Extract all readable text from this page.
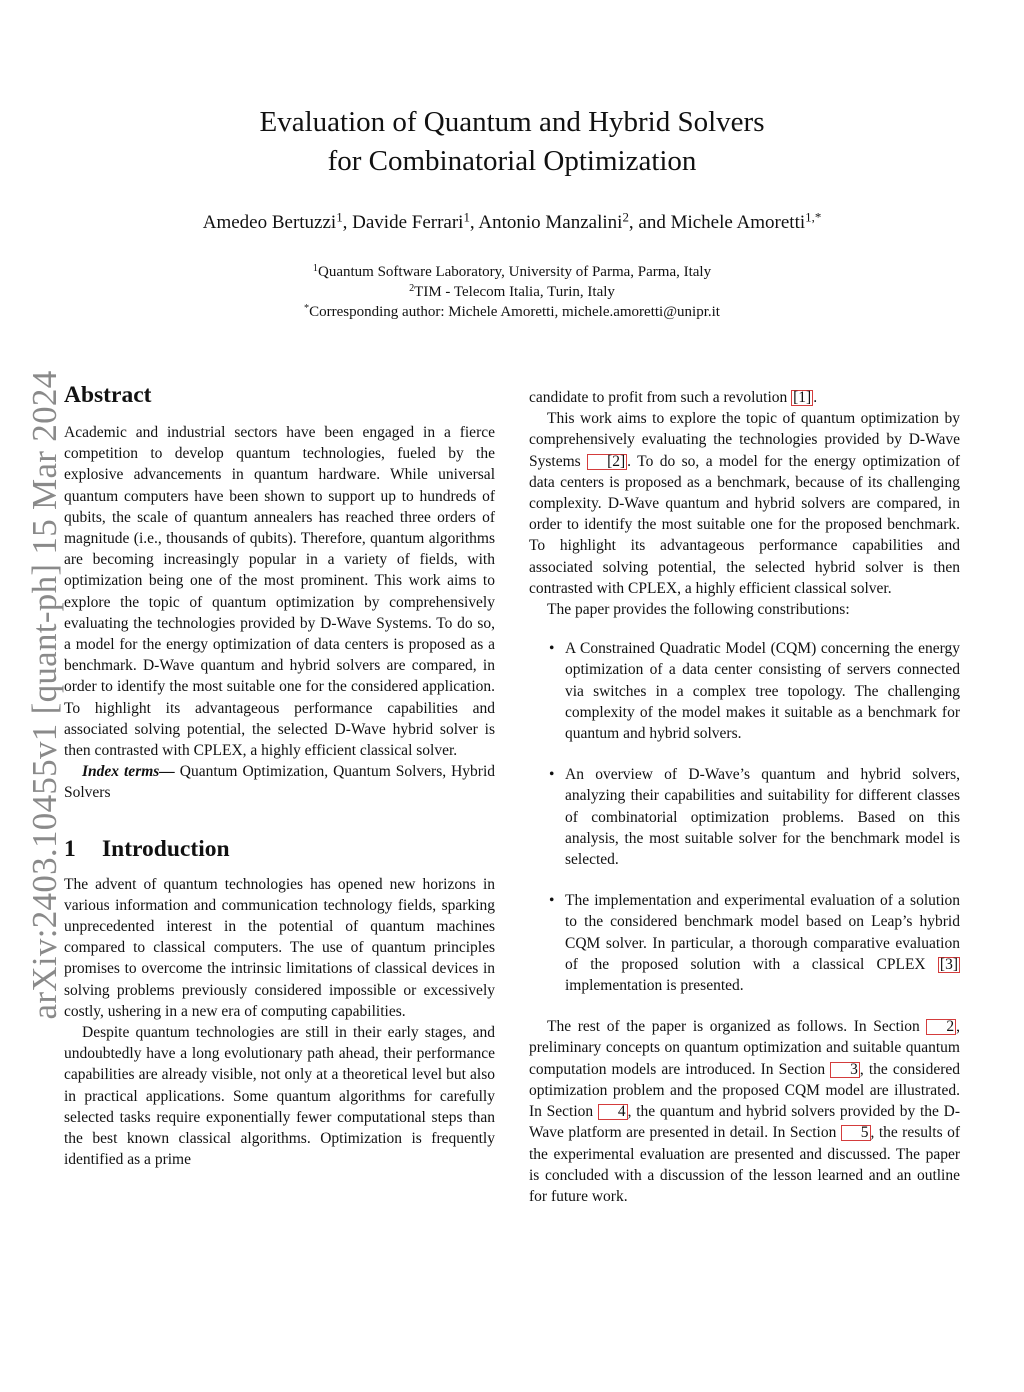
arXiv:2403.10455v1 [quant-ph] 15 Mar 2024
Evaluation of Quantum and Hybrid Solvers
for Combinatorial Optimization
Amedeo Bertuzzi$^1$, Davide Ferrari$^1$, Antonio Manzalini$^2$, and Michele Amoretti$^{1,*}$
$^1$Quantum Software Laboratory, University of Parma, Parma, Italy
$^2$TIM - Telecom Italia, Turin, Italy
*Corresponding author: Michele Amoretti, michele.amoretti@unipr.it
Abstract

Academic and industrial sectors have been engaged in a fierce competition to develop quantum technologies, fueled by the explosive advancements in quantum hardware. While universal quantum computers have been shown to support up to hundreds of qubits, the scale of quantum annealers has reached three orders of magnitude (i.e., thousands of qubits). Therefore, quantum algorithms are becoming increasingly popular in a variety of fields, with optimization being one of the most prominent. This work aims to explore the topic of quantum optimization by comprehensively evaluating the technologies provided by D-Wave Systems. To do so, a model for the energy optimization of data centers is proposed as a benchmark. D-Wave quantum and hybrid solvers are compared, in order to identify the most suitable one for the considered application. To highlight its advantageous performance capabilities and associated solving potential, the selected D-Wave hybrid solver is then contrasted with CPLEX, a highly efficient classical solver.

Index terms— Quantum Optimization, Quantum Solvers, Hybrid Solvers

1 Introduction

The advent of quantum technologies has opened new horizons in various information and communication technology fields, sparking unprecedented interest in the potential of quantum machines compared to classical computers. The use of quantum principles promises to overcome the intrinsic limitations of classical devices in solving problems previously considered impossible or excessively costly, ushering in a new era of computing capabilities.

Despite quantum technologies are still in their early stages, and undoubtedly have a long evolutionary path ahead, their performance capabilities are already visible, not only at a theoretical level but also in practical applications. Some quantum algorithms for carefully selected tasks require exponentially fewer computational steps than the best known classical algorithms. Optimization is frequently identified as a prime

candidate to profit from such a revolution [1] .

This work aims to explore the topic of quantum optimization by comprehensively evaluating the technologies provided by D-Wave Systems [2] . To do so, a model for the energy optimization of data centers is proposed as a benchmark, because of its challenging complexity. D-Wave quantum and hybrid solvers are compared, in order to identify the most suitable one for the proposed benchmark. To highlight its advantageous performance capabilities and associated solving potential, the selected hybrid solver is then contrasted with CPLEX, a highly efficient classical solver.

The paper provides the following constributions:

• A Constrained Quadratic Model (CQM) concerning the energy optimization of a data center consisting of servers connected via switches in a complex tree topology. The challenging complexity of the model makes it suitable as a benchmark for quantum and hybrid solvers.
• An overview of D-Wave’s quantum and hybrid solvers, analyzing their capabilities and suitability for different classes of combinatorial optimization problems. Based on this analysis, the most suitable solver for the benchmark model is selected.
• The implementation and experimental evaluation of a solution to the considered benchmark model based on Leap’s hybrid CQM solver. In particular, a thorough comparative evaluation of the proposed solution with a classical CPLEX [3] implementation is presented.

The rest of the paper is organized as follows. In Section 2 , preliminary concepts on quantum optimization and suitable quantum computation models are introduced. In Section 3 , the considered optimization problem and the proposed CQM model are illustrated. In Section 4 , the quantum and hybrid solvers provided by the D-Wave platform are presented in detail. In Section 5 , the results of the experimental evaluation are presented and discussed. The paper is concluded with a discussion of the lesson learned and an outline for future work.
